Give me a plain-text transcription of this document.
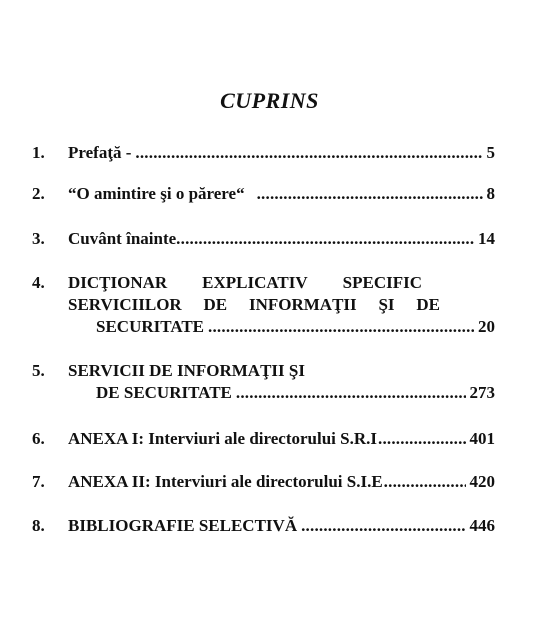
CUPRINS
1. Prefaţă - .....	5
2. “O amintire şi o părere“ .....	8
3. Cuvânt înainte .....	14
4. DICŢIONAR EXPLICATIV SPECIFIC
SERVICIILOR DE INFORMAŢII ŞI DE
SECURITATE .....	20
5. SERVICII DE INFORMAŢII ŞI
DE SECURITATE .....	273
6. ANEXA I: Interviuri ale directorului S.R.I .....	401
7. ANEXA II: Interviuri ale directorului S.I.E .....	420
8. BIBLIOGRAFIE SELECTIVĂ .....	446
